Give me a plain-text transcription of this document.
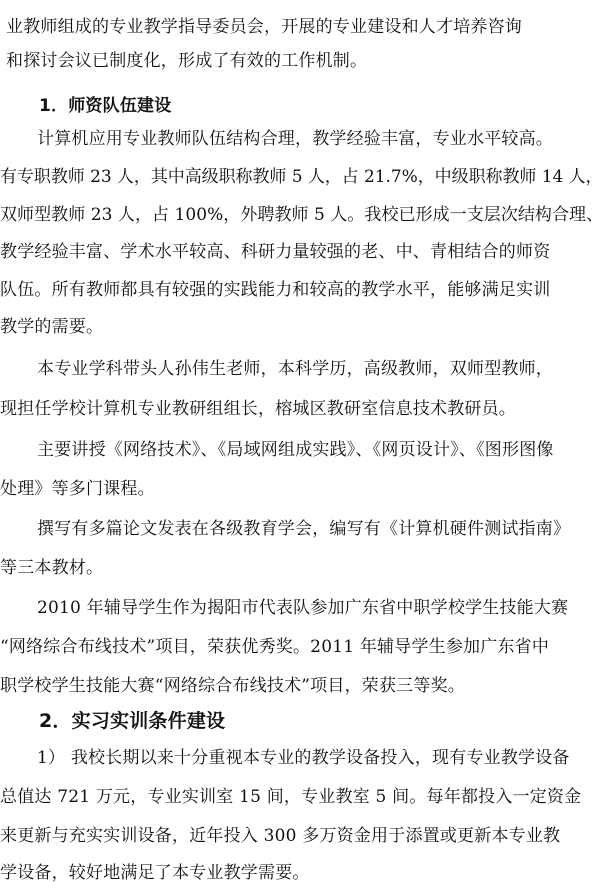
业教师组成的专业教学指导委员会，开展的专业建设和人才培养咨询
和探讨会议已制度化，形成了有效的工作机制。
1．师资队伍建设
计算机应用专业教师队伍结构合理，教学经验丰富，专业水平较高。
有专职教师 23 人，其中高级职称教师 5 人，占 21.7%，中级职称教师 14 人，
双师型教师 23 人，占 100%，外聘教师 5 人。我校已形成一支层次结构合理、
教学经验丰富、学术水平较高、科研力量较强的老、中、青相结合的师资
队伍。所有教师都具有较强的实践能力和较高的教学水平，能够满足实训
教学的需要。
本专业学科带头人孙伟生老师，本科学历，高级教师，双师型教师，
现担任学校计算机专业教研组组长，榕城区教研室信息技术教研员。
主要讲授《网络技术》、《局域网组成实践》、《网页设计》、《图形图像
处理》等多门课程。
撰写有多篇论文发表在各级教育学会，编写有《计算机硬件测试指南》
等三本教材。
2010 年辅导学生作为揭阳市代表队参加广东省中职学校学生技能大赛
“网络综合布线技术”项目，荣获优秀奖。2011 年辅导学生参加广东省中
职学校学生技能大赛“网络综合布线技术”项目，荣获三等奖。
2．实习实训条件建设
1） 我校长期以来十分重视本专业的教学设备投入，现有专业教学设备
总值达 721 万元，专业实训室 15 间，专业教室 5 间。每年都投入一定资金
来更新与充实实训设备，近年投入 300 多万资金用于添置或更新本专业教
学设备，较好地满足了本专业教学需要。
